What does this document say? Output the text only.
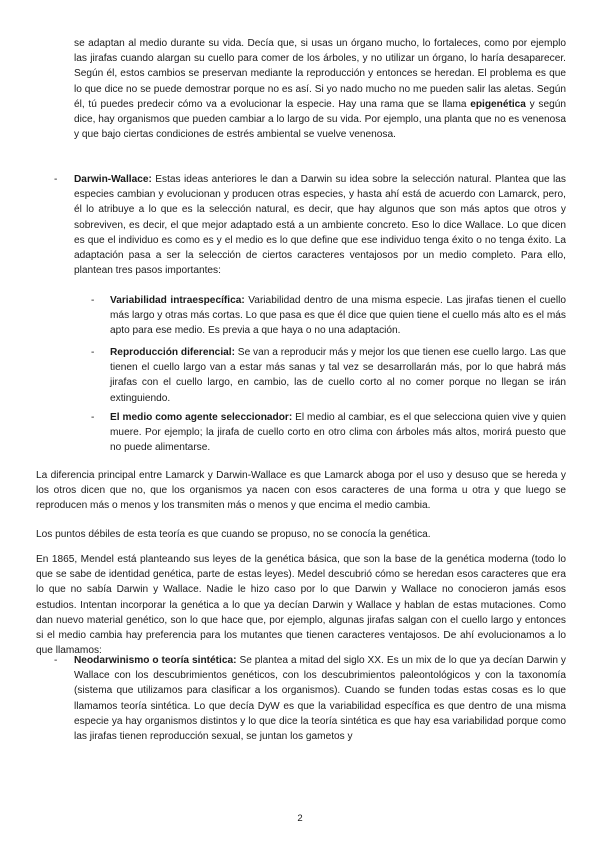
se adaptan al medio durante su vida. Decía que, si usas un órgano mucho, lo fortaleces, como por ejemplo las jirafas cuando alargan su cuello para comer de los árboles, y no utilizar un órgano, lo haría desaparecer. Según él, estos cambios se preservan mediante la reproducción y entonces se heredan. El problema es que lo que dice no se puede demostrar porque no es así. Si yo nado mucho no me pueden salir las aletas. Según él, tú puedes predecir cómo va a evolucionar la especie. Hay una rama que se llama epigenética y según dice, hay organismos que pueden cambiar a lo largo de su vida. Por ejemplo, una planta que no es venenosa y que bajo ciertas condiciones de estrés ambiental se vuelve venenosa.

- Darwin-Wallace: Estas ideas anteriores le dan a Darwin su idea sobre la selección natural. Plantea que las especies cambian y evolucionan y producen otras especies, y hasta ahí está de acuerdo con Lamarck, pero, él lo atribuye a lo que es la selección natural, es decir, que hay algunos que son más aptos que otros y sobreviven, es decir, el que mejor adaptado está a un ambiente concreto. Eso lo dice Wallace. Lo que dicen es que el individuo es como es y el medio es lo que define que ese individuo tenga éxito o no tenga éxito. La adaptación pasa a ser la selección de ciertos caracteres ventajosos por un medio completo. Para ello, plantean tres pasos importantes:

- Variabilidad intraespecífica: Variabilidad dentro de una misma especie. Las jirafas tienen el cuello más largo y otras más cortas. Lo que pasa es que él dice que quien tiene el cuello más alto es el más apto para ese medio. Es previa a que haya o no una adaptación.

- Reproducción diferencial: Se van a reproducir más y mejor los que tienen ese cuello largo. Las que tienen el cuello largo van a estar más sanas y tal vez se desarrollarán más, por lo que habrá más jirafas con el cuello largo, en cambio, las de cuello corto al no comer porque no llegan se irán extinguiendo.

- El medio como agente seleccionador: El medio al cambiar, es el que selecciona quien vive y quien muere. Por ejemplo; la jirafa de cuello corto en otro clima con árboles más altos, morirá puesto que no puede alimentarse.

La diferencia principal entre Lamarck y Darwin-Wallace es que Lamarck aboga por el uso y desuso que se hereda y los otros dicen que no, que los organismos ya nacen con esos caracteres de una forma u otra y que luego se reproducen más o menos y los transmiten más o menos y que encima el medio cambia.

Los puntos débiles de esta teoría es que cuando se propuso, no se conocía la genética.

En 1865, Mendel está planteando sus leyes de la genética básica, que son la base de la genética moderna (todo lo que se sabe de identidad genética, parte de estas leyes). Medel descubrió cómo se heredan esos caracteres que era lo que no sabía Darwin y Wallace. Nadie le hizo caso por lo que Darwin y Wallace no conocieron jamás esos estudios. Intentan incorporar la genética a lo que ya decían Darwin y Wallace y hablan de estas mutaciones. Como dan nuevo material genético, son lo que hace que, por ejemplo, algunas jirafas salgan con el cuello largo y entonces si el medio cambia hay preferencia para los mutantes que tienen caracteres ventajosos. De ahí evolucionamos a lo que llamamos:

- Neodarwinismo o teoría sintética: Se plantea a mitad del siglo XX. Es un mix de lo que ya decían Darwin y Wallace con los descubrimientos genéticos, con los descubrimientos paleontológicos y con la taxonomía (sistema que utilizamos para clasificar a los organismos). Cuando se funden todas estas cosas es lo que llamamos teoría sintética. Lo que decía DyW es que la variabilidad específica es que dentro de una misma especie ya hay organismos distintos y lo que dice la teoría sintética es que hay esa variabilidad porque como las jirafas tienen reproducción sexual, se juntan los gametos y

2
